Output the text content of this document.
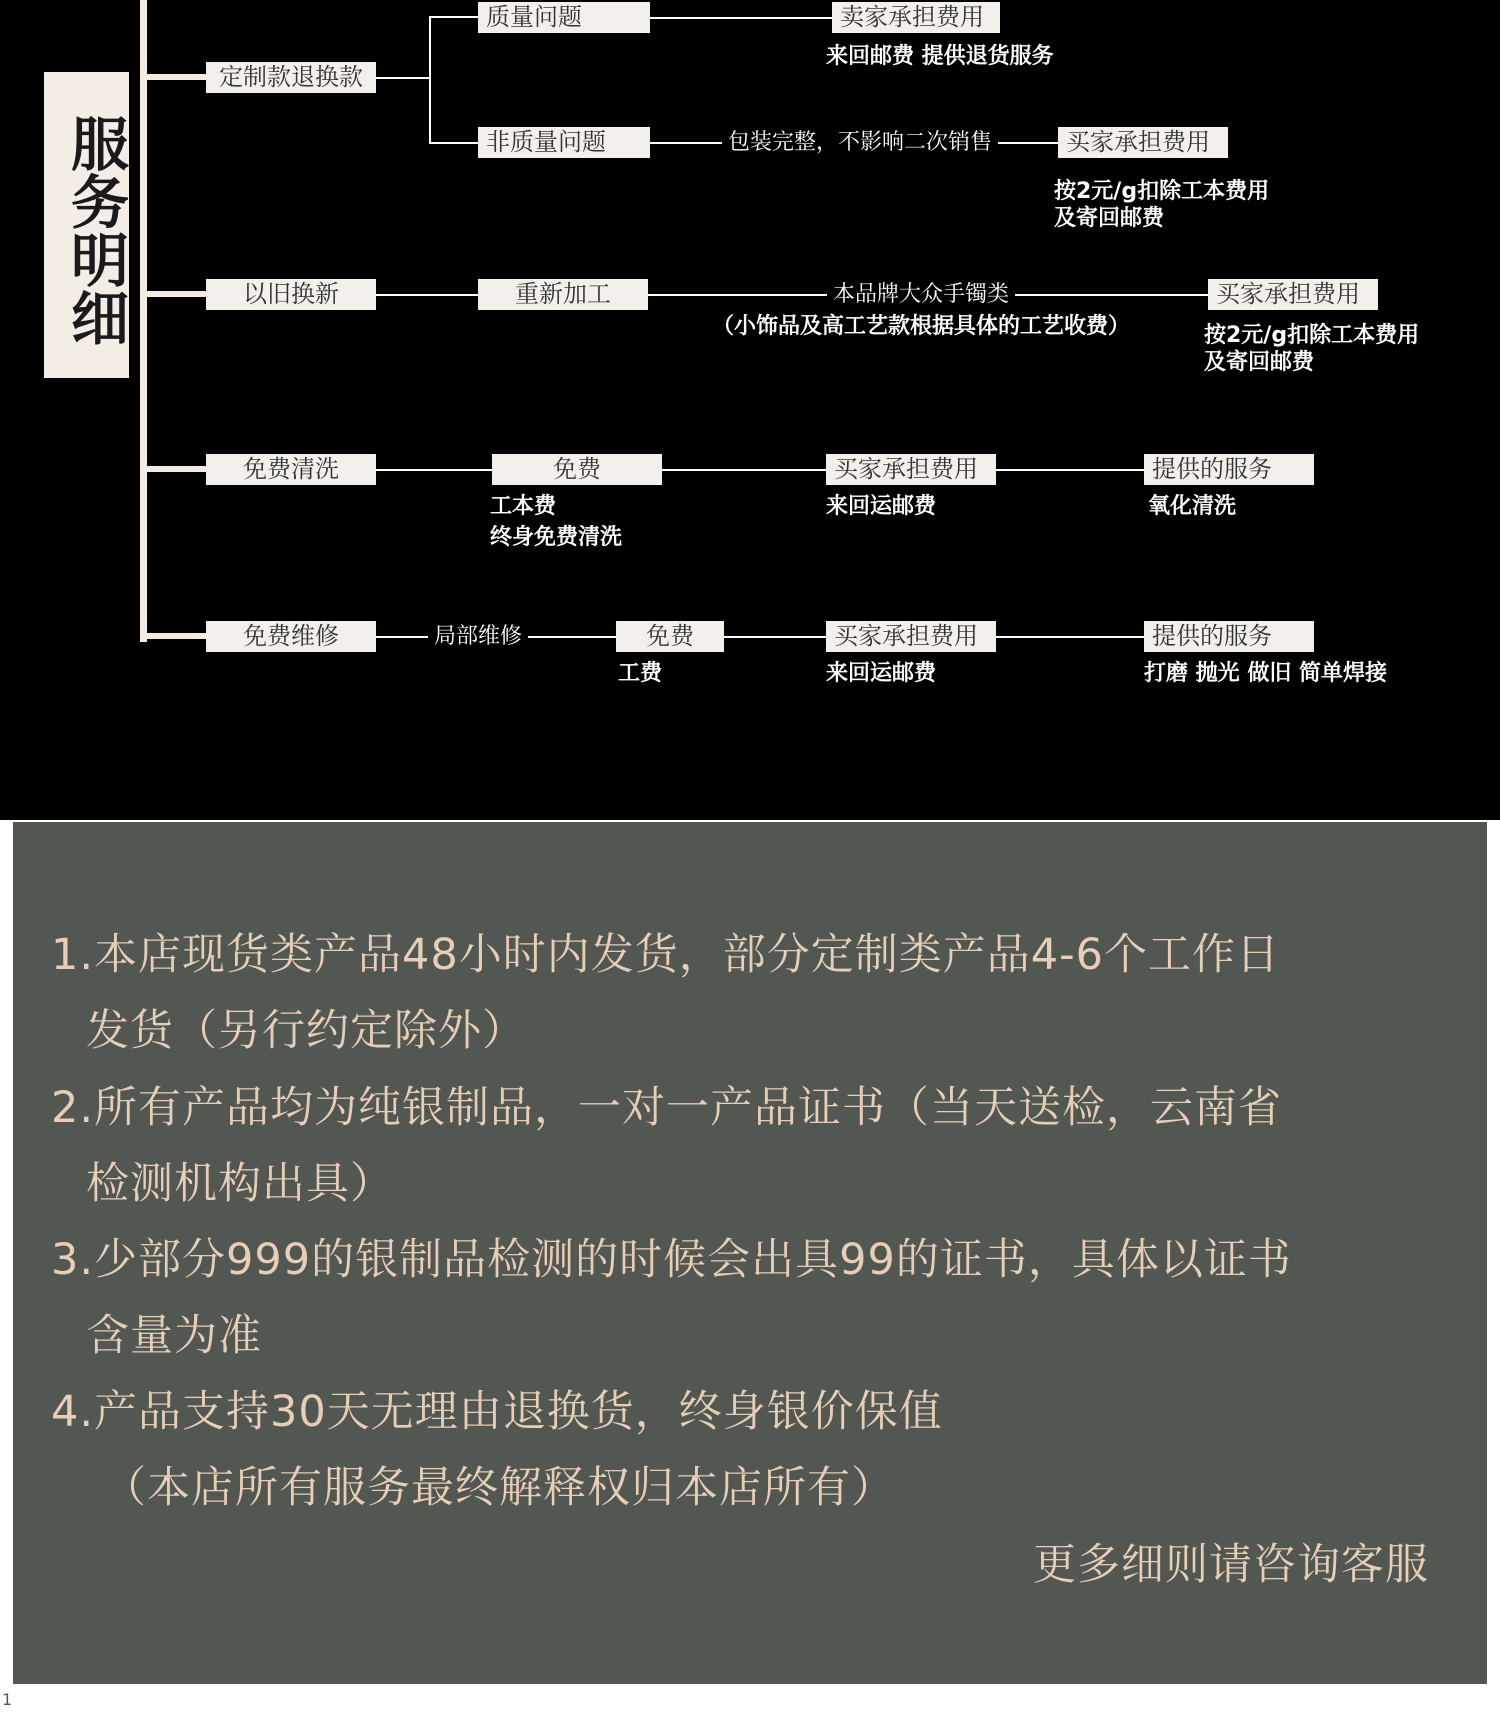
服务明细
定制款退换款
质量问题	卖家承担费用
来回邮费 提供退货服务
非质量问题	包装完整，不影响二次销售	买家承担费用
按2元/g扣除工本费用
及寄回邮费
以旧换新	重新加工	本品牌大众手镯类
（小饰品及高工艺款根据具体的工艺收费）
买家承担费用
按2元/g扣除工本费用
及寄回邮费
免费清洗	免费
工本费
终身免费清洗
买家承担费用
来回运邮费
提供的服务
氧化清洗
免费维修	局部维修	免费
工费
买家承担费用
来回运邮费
提供的服务
打磨 抛光 做旧 简单焊接
1.本店现货类产品48小时内发货，部分定制类产品4-6个工作日
发货（另行约定除外）
2.所有产品均为纯银制品，一对一产品证书（当天送检，云南省
检测机构出具）
3.少部分999的银制品检测的时候会出具99的证书，具体以证书
含量为准
4.产品支持30天无理由退换货，终身银价保值
（本店所有服务最终解释权归本店所有）
更多细则请咨询客服
1
